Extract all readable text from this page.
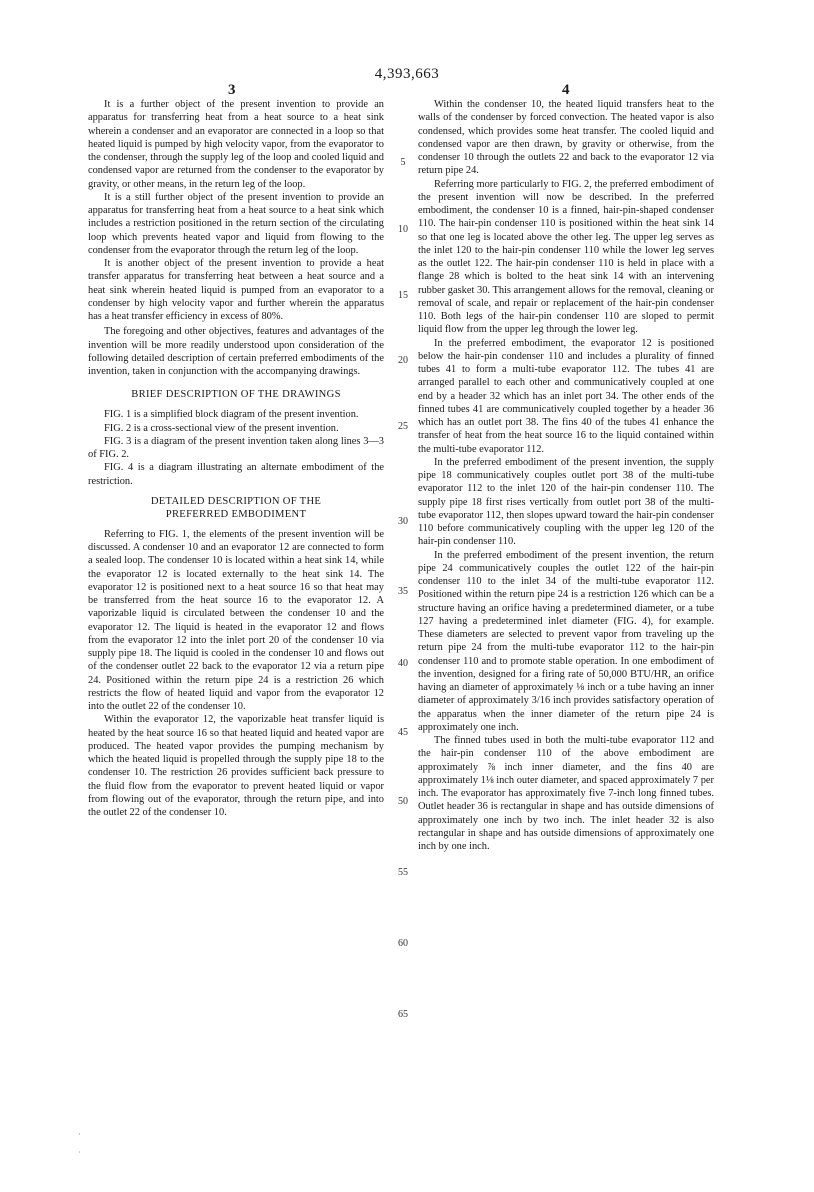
4,393,663
3	4

It is a further object of the present invention to provide an apparatus for transferring heat from a heat source to a heat sink wherein a condenser and an evaporator are connected in a loop so that heated liquid is pumped by high velocity vapor, from the evaporator to the condenser, through the supply leg of the loop and cooled liquid and condensed vapor are returned from the condenser to the evaporator by gravity, or other means, in the return leg of the loop.

It is a still further object of the present invention to provide an apparatus for transferring heat from a heat source to a heat sink which includes a restriction positioned in the return section of the circulating loop which prevents heated vapor and liquid from flowing to the condenser from the evaporator through the return leg of the loop.

It is another object of the present invention to provide a heat transfer apparatus for transferring heat between a heat source and a heat sink wherein heated liquid is pumped from an evaporator to a condenser by high velocity vapor and further wherein the apparatus has a heat transfer efficiency in excess of 80%.

The foregoing and other objectives, features and advantages of the invention will be more readily understood upon consideration of the following detailed description of certain preferred embodiments of the invention, taken in conjunction with the accompanying drawings.

BRIEF DESCRIPTION OF THE DRAWINGS

FIG. 1 is a simplified block diagram of the present invention.

FIG. 2 is a cross-sectional view of the present invention.

FIG. 3 is a diagram of the present invention taken along lines 3—3 of FIG. 2.

FIG. 4 is a diagram illustrating an alternate embodiment of the restriction.

DETAILED DESCRIPTION OF THE PREFERRED EMBODIMENT

Referring to FIG. 1, the elements of the present invention will be discussed. A condenser 10 and an evaporator 12 are connected to form a sealed loop. The condenser 10 is located within a heat sink 14, while the evaporator 12 is located externally to the heat sink 14. The evaporator 12 is positioned next to a heat source 16 so that heat may be transferred from the heat source 16 to the evaporator 12. A vaporizable liquid is circulated between the condenser 10 and the evaporator 12. The liquid is heated in the evaporator 12 and flows from the evaporator 12 into the inlet port 20 of the condenser 10 via supply pipe 18. The liquid is cooled in the condenser 10 and flows out of the condenser outlet 22 back to the evaporator 12 via a return pipe 24. Positioned within the return pipe 24 is a restriction 26 which restricts the flow of heated liquid and vapor from the evaporator 12 into the outlet 22 of the condenser 10.

Within the evaporator 12, the vaporizable heat transfer liquid is heated by the heat source 16 so that heated liquid and heated vapor are produced. The heated vapor provides the pumping mechanism by which the heated liquid is propelled through the supply pipe 18 to the condenser 10. The restriction 26 provides sufficient back pressure to the fluid flow from the evaporator to prevent heated liquid or vapor from flowing out of the evaporator, through the return pipe, and into the outlet 22 of the condenser 10.

5
10
15
20
25
30
35
40
45
50
55
60
65

Within the condenser 10, the heated liquid transfers heat to the walls of the condenser by forced convection. The heated vapor is also condensed, which provides some heat transfer. The cooled liquid and condensed vapor are then drawn, by gravity or otherwise, from the condenser 10 through the outlets 22 and back to the evaporator 12 via return pipe 24.

Referring more particularly to FIG. 2, the preferred embodiment of the present invention will now be described. In the preferred embodiment, the condenser 10 is a finned, hair-pin-shaped condenser 110. The hair-pin condenser 110 is positioned within the heat sink 14 so that one leg is located above the other leg. The upper leg serves as the inlet 120 to the hair-pin condenser 110 while the lower leg serves as the outlet 122. The hair-pin condenser 110 is held in place with a flange 28 which is bolted to the heat sink 14 with an intervening rubber gasket 30. This arrangement allows for the removal, cleaning or removal of scale, and repair or replacement of the hair-pin condenser 110. Both legs of the hair-pin condenser 110 are sloped to permit liquid flow from the upper leg through the lower leg.

In the preferred embodiment, the evaporator 12 is positioned below the hair-pin condenser 110 and includes a plurality of finned tubes 41 to form a multi-tube evaporator 112. The tubes 41 are arranged parallel to each other and communicatively coupled at one end by a header 32 which has an inlet port 34. The other ends of the finned tubes 41 are communicatively coupled together by a header 36 which has an outlet port 38. The fins 40 of the tubes 41 enhance the transfer of heat from the heat source 16 to the liquid contained within the multi-tube evaporator 112.

In the preferred embodiment of the present invention, the supply pipe 18 communicatively couples outlet port 38 of the multi-tube evaporator 112 to the inlet 120 of the hair-pin condenser 110. The supply pipe 18 first rises vertically from outlet port 38 of the multi-tube evaporator 112, then slopes upward toward the hair-pin condenser 110 before communicatively coupling with the upper leg 120 of the hair-pin condenser 110.

In the preferred embodiment of the present invention, the return pipe 24 communicatively couples the outlet 122 of the hair-pin condenser 110 to the inlet 34 of the multi-tube evaporator 112. Positioned within the return pipe 24 is a restriction 126 which can be a structure having an orifice having a predetermined diameter, or a tube 127 having a predetermined inlet diameter (FIG. 4), for example. These diameters are selected to prevent vapor from traveling up the return pipe 24 from the multi-tube evaporator 112 to the hair-pin condenser 110 and to promote stable operation. In one embodiment of the invention, designed for a firing rate of 50,000 BTU/HR, an orifice having an diameter of approximately ⅛ inch or a tube having an inner diameter of approximately 3/16 inch provides satisfactory operation of the apparatus when the inner diameter of the return pipe 24 is approximately one inch.

The finned tubes used in both the multi-tube evaporator 112 and the hair-pin condenser 110 of the above embodiment are approximately ⅞ inch inner diameter, and the fins 40 are approximately 1⅛ inch outer diameter, and spaced approximately 7 per inch. The evaporator has approximately five 7-inch long finned tubes. Outlet header 36 is rectangular in shape and has outside dimensions of approximately one inch by two inch. The inlet header 32 is also rectangular in shape and has outside dimensions of approximately one inch by one inch.

·
·
